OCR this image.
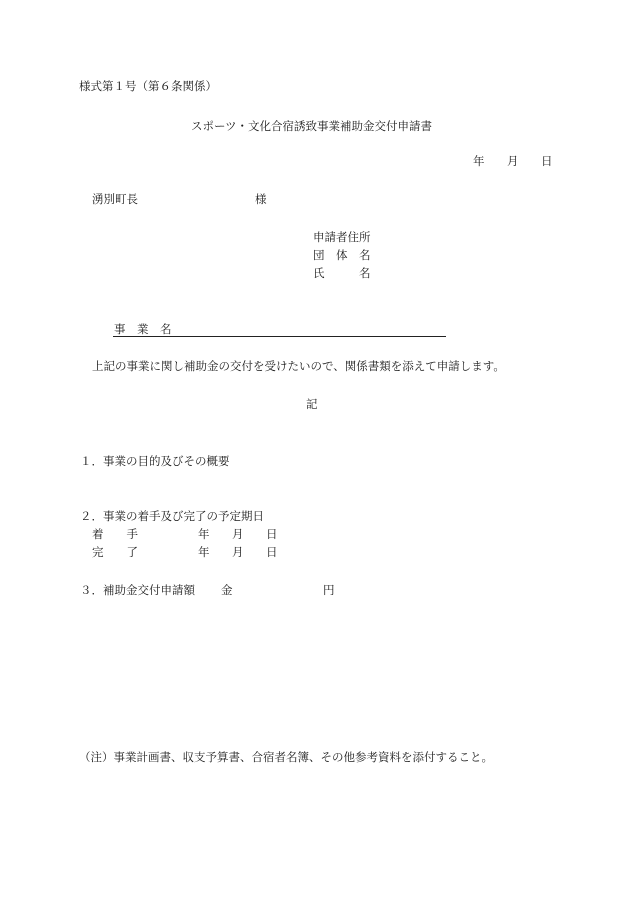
様式第１号（第６条関係）
スポーツ・文化合宿誘致事業補助金交付申請書
年 月 日
湧別町長	様
申請者住所
団　体　名
氏　　　名
事　業　名
上記の事業に関し補助金の交付を受けたいので、関係書類を添えて申請します。
記
１．事業の目的及びその概要
２．事業の着手及び完了の予定期日
着　　手	年 月 日
完　　了	年 月 日
３．補助金交付申請額 金	円
（注）事業計画書、収支予算書、合宿者名簿、その他参考資料を添付すること。
